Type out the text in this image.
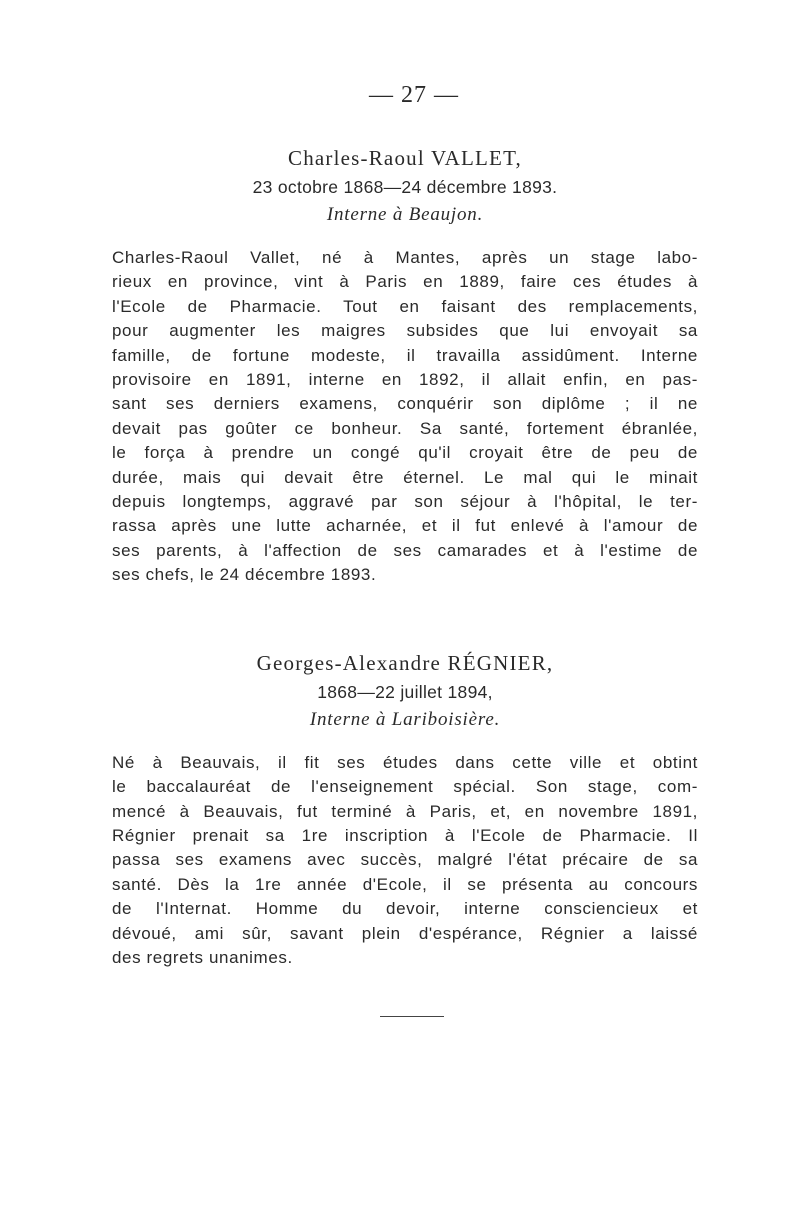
— 27 —
Charles-Raoul VALLET,
23 octobre 1868—24 décembre 1893.
Interne à Beaujon.
Charles-Raoul Vallet, né à Mantes, après un stage labo-
rieux en province, vint à Paris en 1889, faire ces études à
l'Ecole de Pharmacie. Tout en faisant des remplacements,
pour augmenter les maigres subsides que lui envoyait sa
famille, de fortune modeste, il travailla assidûment. Interne
provisoire en 1891, interne en 1892, il allait enfin, en pas-
sant ses derniers examens, conquérir son diplôme ; il ne
devait pas goûter ce bonheur. Sa santé, fortement ébranlée,
le força à prendre un congé qu'il croyait être de peu de
durée, mais qui devait être éternel. Le mal qui le minait
depuis longtemps, aggravé par son séjour à l'hôpital, le ter-
rassa après une lutte acharnée, et il fut enlevé à l'amour de
ses parents, à l'affection de ses camarades et à l'estime de
ses chefs, le 24 décembre 1893.
Georges-Alexandre RÉGNIER,
1868—22 juillet 1894,
Interne à Lariboisière.
Né à Beauvais, il fit ses études dans cette ville et obtint
le baccalauréat de l'enseignement spécial. Son stage, com-
mencé à Beauvais, fut terminé à Paris, et, en novembre 1891,
Régnier prenait sa 1re inscription à l'Ecole de Pharmacie. Il
passa ses examens avec succès, malgré l'état précaire de sa
santé. Dès la 1re année d'Ecole, il se présenta au concours
de l'Internat. Homme du devoir, interne consciencieux et
dévoué, ami sûr, savant plein d'espérance, Régnier a laissé
des regrets unanimes.
